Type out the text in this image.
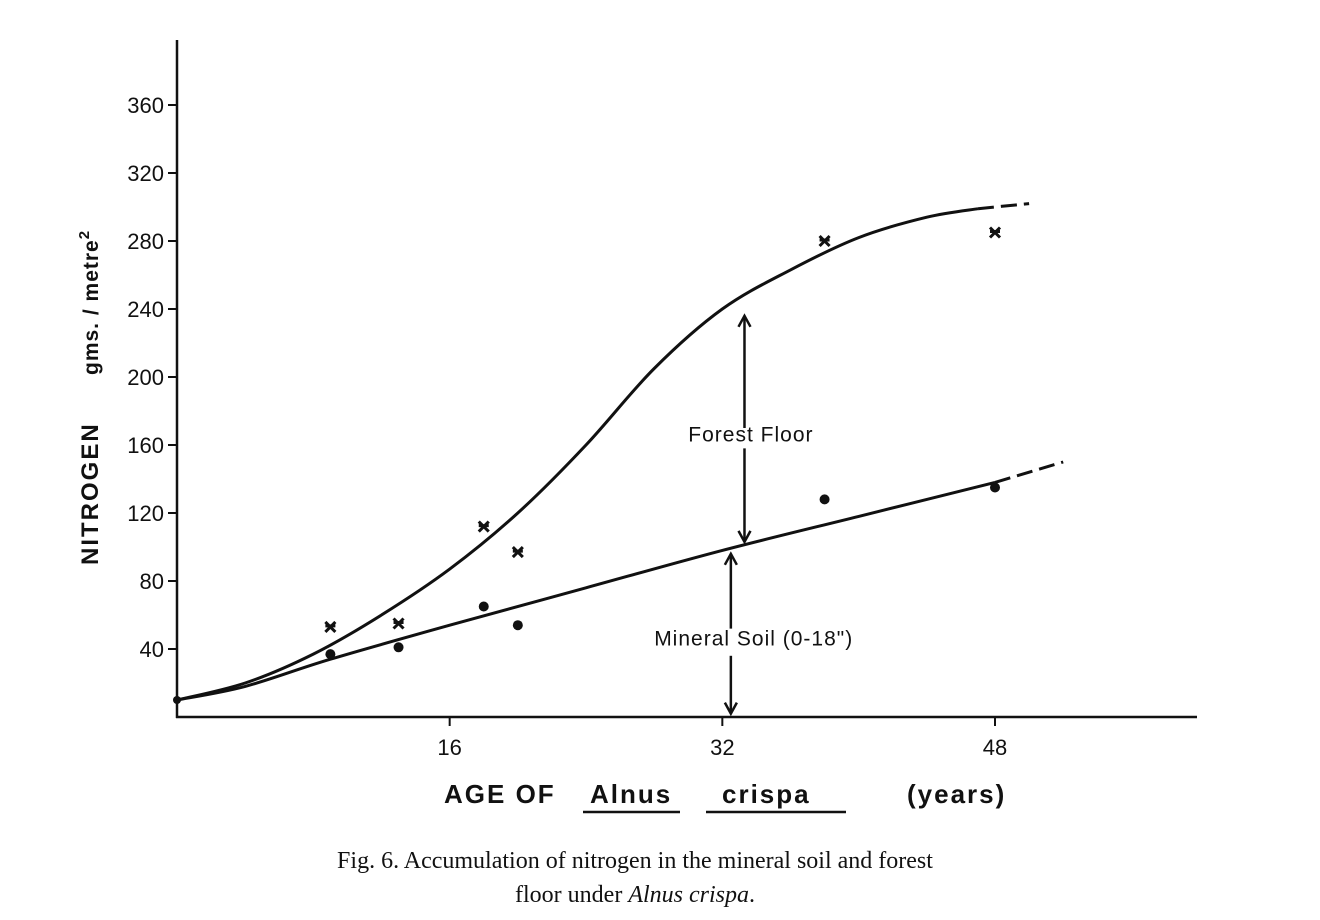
40
80
120
160
200
240
280
320
360
16	32	48
NITROGEN
gms. / metre$^2$
AGE OF Alnus crispa	(years)
Forest Floor
Mineral Soil (0-18")
Fig. 6. Accumulation of nitrogen in the mineral soil and forest
floor under Alnus crispa.
